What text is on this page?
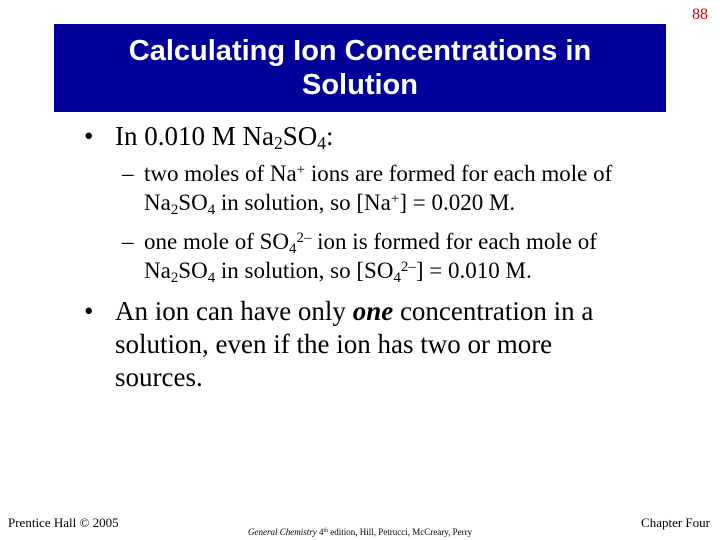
88
Calculating Ion Concentrations in Solution
• In 0.010 M $Na_2SO_4$:
– two moles of Na+ ions are formed for each mole of $Na_2SO_4$ in solution, so [Na+] = 0.020 M.
– one mole of $SO_4^{2-}$ ion is formed for each mole of $Na_2SO_4$ in solution, so $[SO_4^{2-}] = 0.010$ M.
• An ion can have only one concentration in a solution, even if the ion has two or more sources.
Prentice Hall © 2005
General Chemistry 4th edition, Hill, Petrucci, McCreary, Perry
Chapter Four
